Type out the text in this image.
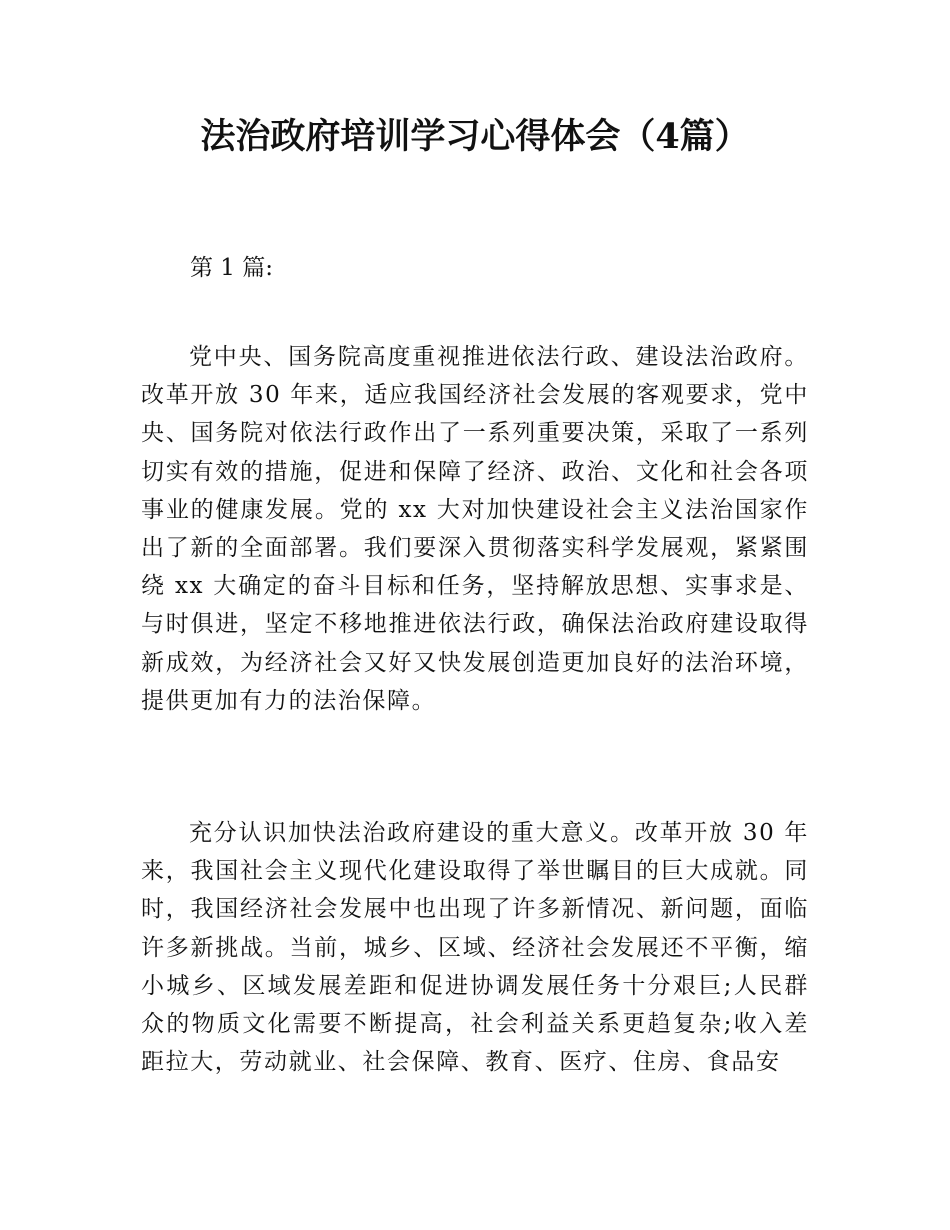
法治政府培训学习心得体会（4篇）

第 1 篇:

党中央、国务院高度重视推进依法行政、建设法治政府。改革开放 30 年来，适应我国经济社会发展的客观要求，党中央、国务院对依法行政作出了一系列重要决策，采取了一系列切实有效的措施，促进和保障了经济、政治、文化和社会各项事业的健康发展。党的 xx 大对加快建设社会主义法治国家作出了新的全面部署。我们要深入贯彻落实科学发展观，紧紧围绕 xx 大确定的奋斗目标和任务，坚持解放思想、实事求是、与时俱进，坚定不移地推进依法行政，确保法治政府建设取得新成效，为经济社会又好又快发展创造更加良好的法治环境，提供更加有力的法治保障。

充分认识加快法治政府建设的重大意义。改革开放 30 年来，我国社会主义现代化建设取得了举世瞩目的巨大成就。同时，我国经济社会发展中也出现了许多新情况、新问题，面临许多新挑战。当前，城乡、区域、经济社会发展还不平衡，缩小城乡、区域发展差距和促进协调发展任务十分艰巨;人民群众的物质文化需要不断提高，社会利益关系更趋复杂;收入差距拉大，劳动就业、社会保障、教育、医疗、住房、食品安
